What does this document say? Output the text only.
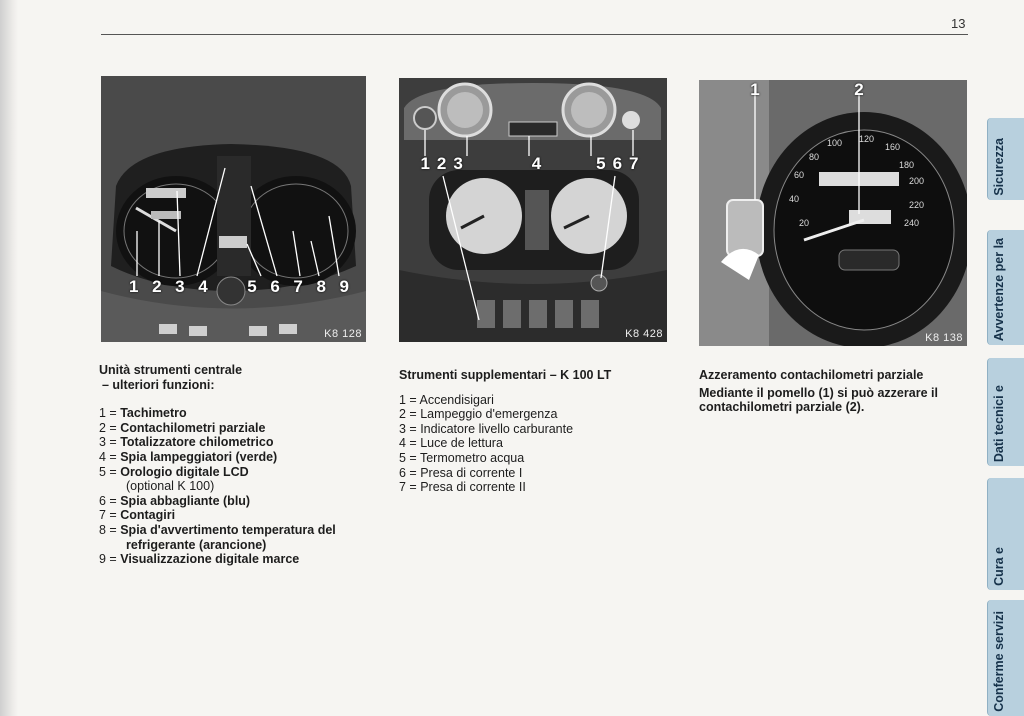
13
1 2 3 4 5 6 7 8 9
K8 128
1 2 3	4	5 6 7
K8 428
100 120
160
80
180
60
200
40
220
20	240
1	2
K8 138
Unità strumenti centrale
– ulteriori funzioni:
1 = Tachimetro
2 = Contachilometri parziale
3 = Totalizzatore chilometrico
4 = Spia lampeggiatori (verde)
5 = Orologio digitale LCD
(optional K 100)
6 = Spia abbagliante (blu)
7 = Contagiri
8 = Spia d'avvertimento temperatura del
refrigerante (arancione)
9 = Visualizzazione digitale marce
Strumenti supplementari – K 100 LT
1 = Accendisigari
2 = Lampeggio d'emergenza
3 = Indicatore livello carburante
4 = Luce de lettura
5 = Termometro acqua
6 = Presa di corrente I
7 = Presa di corrente II
Azzeramento contachilometri parziale
Mediante il pomello (1) si può azzerare il
contachilometri parziale (2).
Sicurezza
Avvertenze per la
Dati tecnici e
Cura e
Conferme servizi
